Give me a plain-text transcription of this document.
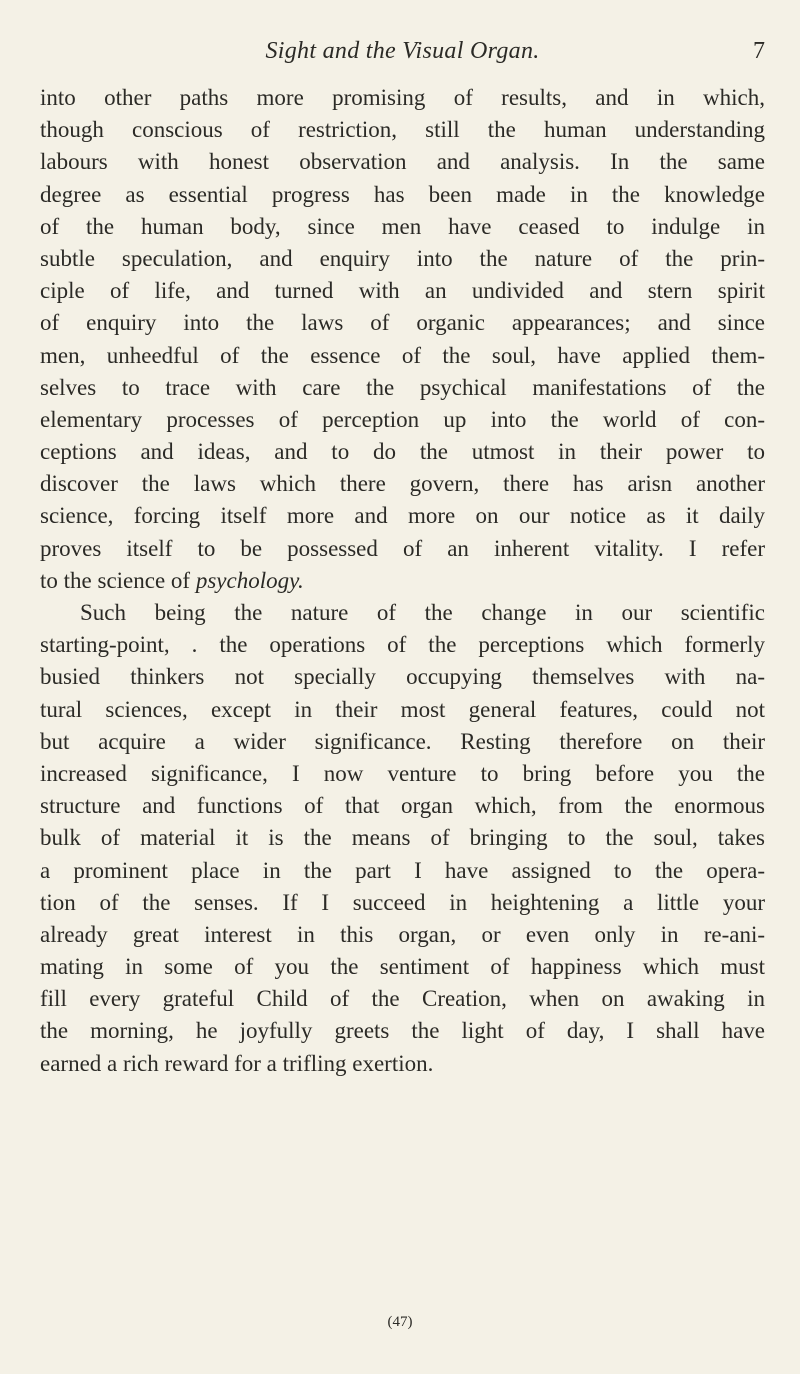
Sight and the Visual Organ.	7
into other paths more promising of results, and in which,
though conscious of restriction, still the human understanding
labours with honest observation and analysis. In the same
degree as essential progress has been made in the knowledge
of the human body, since men have ceased to indulge in
subtle speculation, and enquiry into the nature of the prin-
ciple of life, and turned with an undivided and stern spirit
of enquiry into the laws of organic appearances; and since
men, unheedful of the essence of the soul, have applied them-
selves to trace with care the psychical manifestations of the
elementary processes of perception up into the world of con-
ceptions and ideas, and to do the utmost in their power to
discover the laws which there govern, there has arisn another
science, forcing itself more and more on our notice as it daily
proves itself to be possessed of an inherent vitality. I refer
to the science of psychology.
Such being the nature of the change in our scientific
starting-point, . the operations of the perceptions which formerly
busied thinkers not specially occupying themselves with na-
tural sciences, except in their most general features, could not
but acquire a wider significance. Resting therefore on their
increased significance, I now venture to bring before you the
structure and functions of that organ which, from the enormous
bulk of material it is the means of bringing to the soul, takes
a prominent place in the part I have assigned to the opera-
tion of the senses. If I succeed in heightening a little your
already great interest in this organ, or even only in re-ani-
mating in some of you the sentiment of happiness which must
fill every grateful Child of the Creation, when on awaking in
the morning, he joyfully greets the light of day, I shall have
earned a rich reward for a trifling exertion.
(47)
